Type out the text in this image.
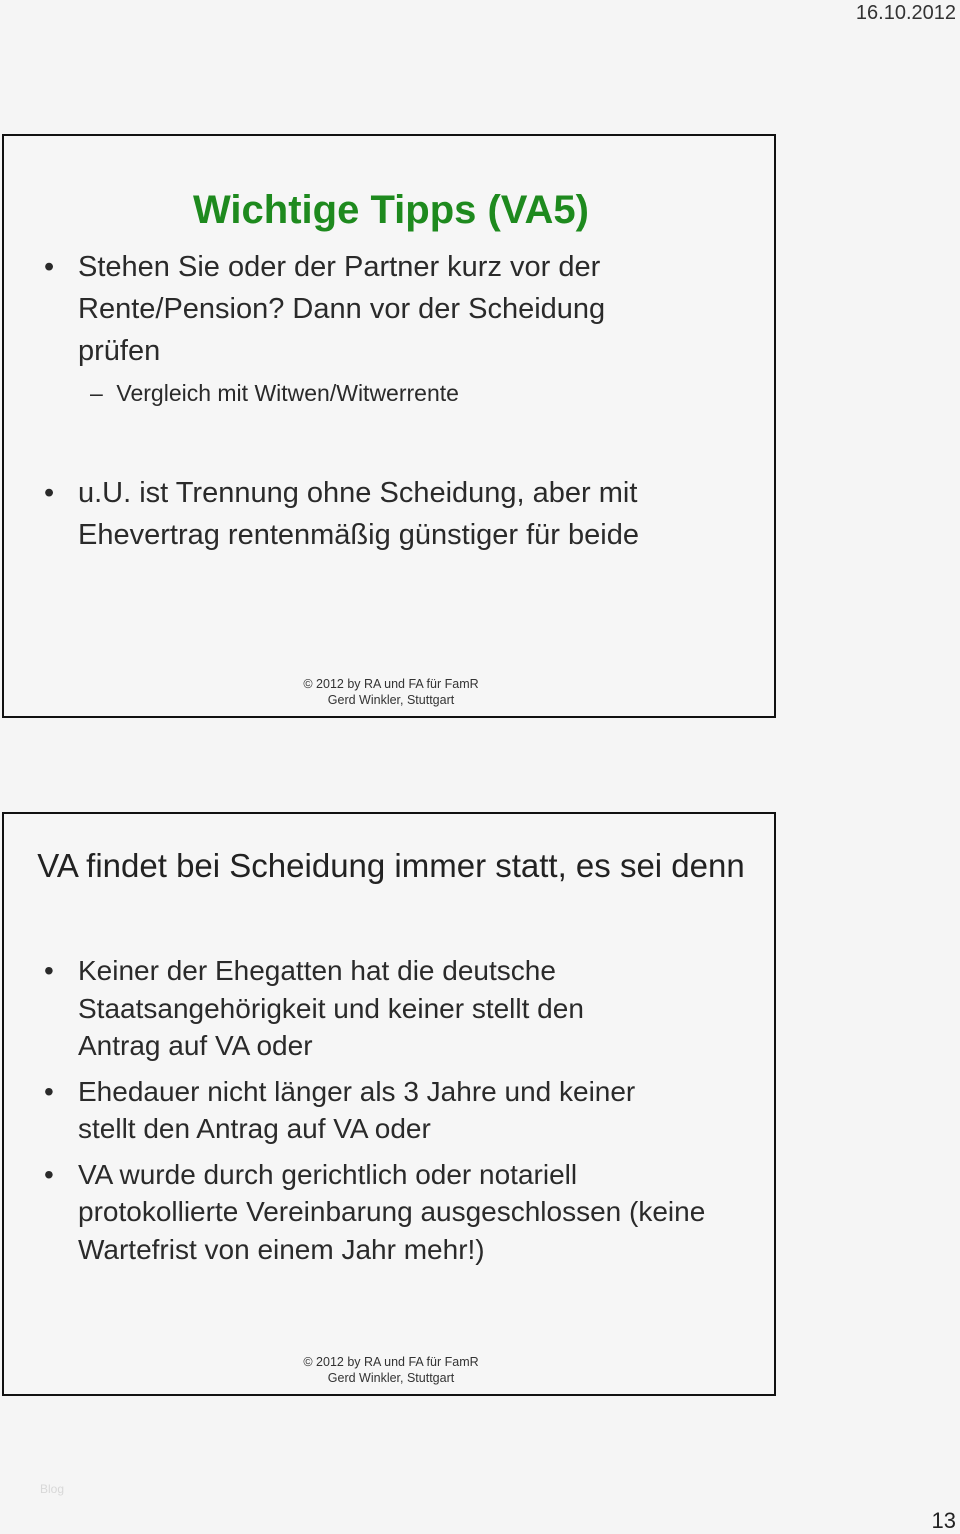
16.10.2012
Wichtige Tipps (VA5)
• Stehen Sie oder der Partner kurz vor der Rente/Pension? Dann vor der Scheidung prüfen
– Vergleich mit Witwen/Witwerrente
• u.U. ist Trennung ohne Scheidung, aber mit Ehevertrag rentenmäßig günstiger für beide
© 2012 by RA und FA für FamR
Gerd Winkler, Stuttgart
VA findet bei Scheidung immer statt, es sei denn
• Keiner der Ehegatten hat die deutsche Staatsangehörigkeit und keiner stellt den Antrag auf VA oder
• Ehedauer nicht länger als 3 Jahre und keiner stellt den Antrag auf VA oder
• VA wurde durch gerichtlich oder notariell protokollierte Vereinbarung ausgeschlossen (keine Wartefrist von einem Jahr mehr!)
© 2012 by RA und FA für FamR
Gerd Winkler, Stuttgart
Blog
13
